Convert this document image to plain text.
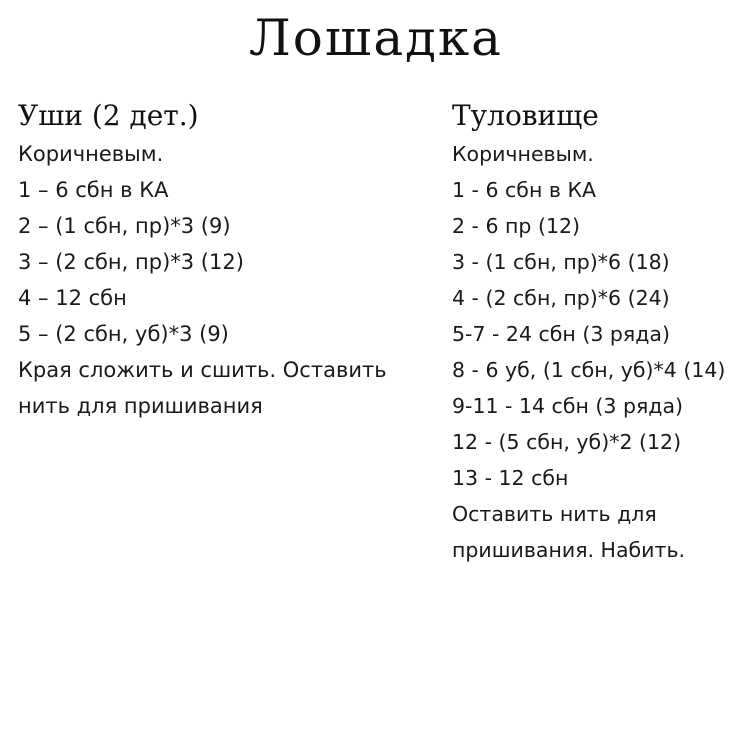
Лошадка
Уши (2 дет.)
Коричневым.
1 – 6 сбн в КА
2 – (1 сбн, пр)*3 (9)
3 – (2 сбн, пр)*3 (12)
4 – 12 сбн
5 – (2 сбн, уб)*3 (9)
Края сложить и сшить. Оставить
нить для пришивания
Туловище
Коричневым.
1 - 6 сбн в КА
2 - 6 пр (12)
3 - (1 сбн, пр)*6 (18)
4 - (2 сбн, пр)*6 (24)
5-7 - 24 сбн (3 ряда)
8 - 6 уб, (1 сбн, уб)*4 (14)
9-11 - 14 сбн (3 ряда)
12 - (5 сбн, уб)*2 (12)
13 - 12 сбн
Оставить нить для
пришивания. Набить.
